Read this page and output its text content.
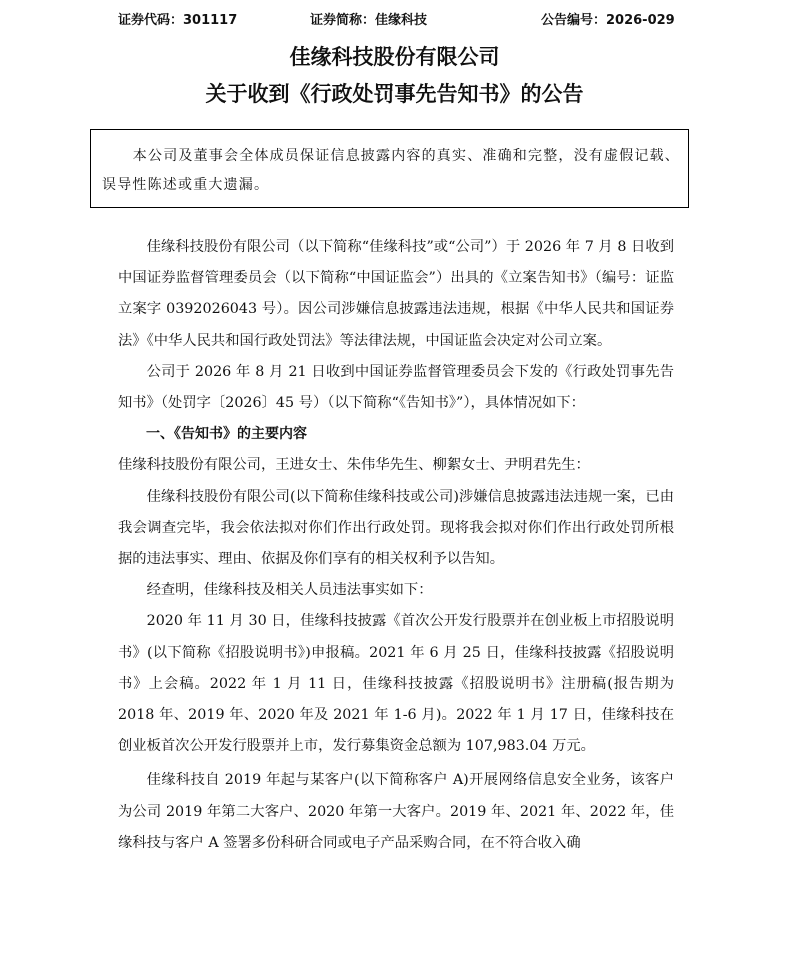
证券代码：301117	证券简称：佳缘科技	公告编号：2026-029
佳缘科技股份有限公司
关于收到《行政处罚事先告知书》的公告
本公司及董事会全体成员保证信息披露内容的真实、准确和完整，没有虚假记载、误导性陈述或重大遗漏。

佳缘科技股份有限公司（以下简称“佳缘科技”或“公司”）于 2026 年 7 月 8 日收到中国证券监督管理委员会（以下简称“中国证监会”）出具的《立案告知书》（编号：证监立案字 0392026043 号）。因公司涉嫌信息披露违法违规，根据《中华人民共和国证券法》《中华人民共和国行政处罚法》等法律法规，中国证监会决定对公司立案。

公司于 2026 年 8 月 21 日收到中国证券监督管理委员会下发的《行政处罚事先告知书》（处罚字〔2026〕45 号）（以下简称“《告知书》”），具体情况如下：

一、《告知书》的主要内容

佳缘科技股份有限公司，王进女士、朱伟华先生、柳絮女士、尹明君先生：

佳缘科技股份有限公司(以下简称佳缘科技或公司)涉嫌信息披露违法违规一案，已由我会调查完毕，我会依法拟对你们作出行政处罚。现将我会拟对你们作出行政处罚所根据的违法事实、理由、依据及你们享有的相关权利予以告知。

经查明，佳缘科技及相关人员违法事实如下：

2020 年 11 月 30 日，佳缘科技披露《首次公开发行股票并在创业板上市招股说明书》(以下简称《招股说明书》)申报稿。2021 年 6 月 25 日，佳缘科技披露《招股说明书》上会稿。2022 年 1 月 11 日，佳缘科技披露《招股说明书》注册稿(报告期为 2018 年、2019 年、2020 年及 2021 年 1-6 月)。2022 年 1 月 17 日，佳缘科技在创业板首次公开发行股票并上市，发行募集资金总额为 107,983.04 万元。

佳缘科技自 2019 年起与某客户(以下简称客户 A)开展网络信息安全业务，该客户为公司 2019 年第二大客户、2020 年第一大客户。2019 年、2021 年、2022 年，佳缘科技与客户 A 签署多份科研合同或电子产品采购合同，在不符合收入确
